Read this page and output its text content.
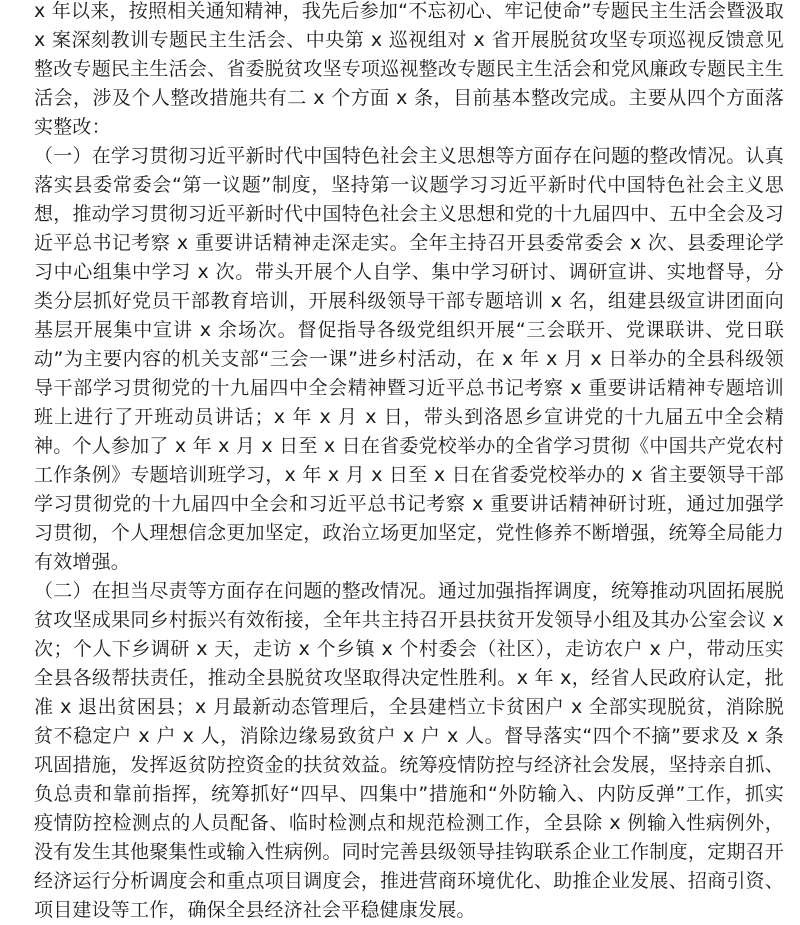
x 年以来，按照相关通知精神，我先后参加“不忘初心、牢记使命”专题民主生活会暨汲取 x 案深刻教训专题民主生活会、中央第 x 巡视组对 x 省开展脱贫攻坚专项巡视反馈意见整改专题民主生活会、省委脱贫攻坚专项巡视整改专题民主生活会和党风廉政专题民主生活会，涉及个人整改措施共有二 x 个方面 x 条，目前基本整改完成。主要从四个方面落实整改：

（一）在学习贯彻习近平新时代中国特色社会主义思想等方面存在问题的整改情况。认真落实县委常委会“第一议题”制度，坚持第一议题学习习近平新时代中国特色社会主义思想，推动学习贯彻习近平新时代中国特色社会主义思想和党的十九届四中、五中全会及习近平总书记考察 x 重要讲话精神走深走实。全年主持召开县委常委会 x 次、县委理论学习中心组集中学习 x 次。带头开展个人自学、集中学习研讨、调研宣讲、实地督导，分类分层抓好党员干部教育培训，开展科级领导干部专题培训 x 名，组建县级宣讲团面向基层开展集中宣讲 x 余场次。督促指导各级党组织开展“三会联开、党课联讲、党日联动”为主要内容的机关支部“三会一课”进乡村活动，在 x 年 x 月 x 日举办的全县科级领导干部学习贯彻党的十九届四中全会精神暨习近平总书记考察 x 重要讲话精神专题培训班上进行了开班动员讲话；x 年 x 月 x 日，带头到洛恩乡宣讲党的十九届五中全会精神。个人参加了 x 年 x 月 x 日至 x 日在省委党校举办的全省学习贯彻《中国共产党农村工作条例》专题培训班学习，x 年 x 月 x 日至 x 日在省委党校举办的 x 省主要领导干部学习贯彻党的十九届四中全会和习近平总书记考察 x 重要讲话精神研讨班，通过加强学习贯彻，个人理想信念更加坚定，政治立场更加坚定，党性修养不断增强，统筹全局能力有效增强。

（二）在担当尽责等方面存在问题的整改情况。通过加强指挥调度，统筹推动巩固拓展脱贫攻坚成果同乡村振兴有效衔接，全年共主持召开县扶贫开发领导小组及其办公室会议 x 次；个人下乡调研 x 天，走访 x 个乡镇 x 个村委会（社区），走访农户 x 户，带动压实全县各级帮扶责任，推动全县脱贫攻坚取得决定性胜利。x 年 x，经省人民政府认定，批准 x 退出贫困县；x 月最新动态管理后，全县建档立卡贫困户 x 全部实现脱贫，消除脱贫不稳定户 x 户 x 人，消除边缘易致贫户 x 户 x 人。督导落实“四个不摘”要求及 x 条巩固措施，发挥返贫防控资金的扶贫效益。统筹疫情防控与经济社会发展，坚持亲自抓、负总责和靠前指挥，统筹抓好“四早、四集中”措施和“外防输入、内防反弹”工作，抓实疫情防控检测点的人员配备、临时检测点和规范检测工作，全县除 x 例输入性病例外，没有发生其他聚集性或输入性病例。同时完善县级领导挂钩联系企业工作制度，定期召开经济运行分析调度会和重点项目调度会，推进营商环境优化、助推企业发展、招商引资、项目建设等工作，确保全县经济社会平稳健康发展。
